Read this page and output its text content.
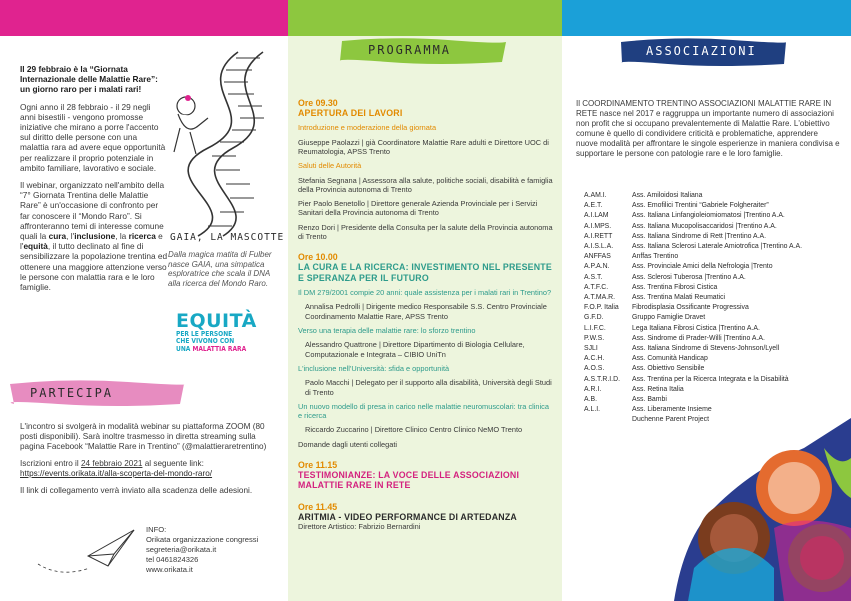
Il 29 febbraio è la “Giornata Internazionale delle Malattie Rare”: un giorno raro per i malati rari!

Ogni anno il 28 febbraio - il 29 negli anni bisestili - vengono promosse iniziative che mirano a porre l'accento sul diritto delle persone con una malattia rara ad avere eque opportunità per realizzare il proprio potenziale in ambito familiare, lavorativo e sociale.

Il webinar, organizzato nell'ambito della “7° Giornata Trentina delle Malattie Rare” è un'occasione di confronto per far conoscere il “Mondo Raro”. Si affronteranno temi di interesse comune quali la cura, l'inclusione, la ricerca e l'equità, il tutto declinato al fine di sensibilizzare la popolazione trentina ed ottenere una maggiore attenzione verso le persone con malattia rara e le loro famiglie.

GAIA, LA MASCOTTE
Dalla magica matita di Fulber nasce GAIA, una simpatica esploratrice che scala il DNA alla ricerca del Mondo Raro.
EQUITÀ
PER LE PERSONE
CHE VIVONO CON
UNA MALATTIA RARA
PARTECIPA

L'incontro si svolgerà in modalità webinar su piattaforma ZOOM (80 posti disponibili). Sarà inoltre trasmesso in diretta streaming sulla pagina Facebook “Malattie Rare in Trentino” (@malattieraretrentino)

Iscrizioni entro il 24 febbraio 2021 al seguente link:
https://events.orikata.it/alla-scoperta-del-mondo-raro/

Il link di collegamento verrà inviato alla scadenza delle adesioni.

INFO:
Orikata organizzazione congressi
segreteria@orikata.it
tel 0461824326
www.orikata.it
PROGRAMMA
Ore 09.30
APERTURA DEI LAVORI
Introduzione e moderazione della giornata
Giuseppe Paolazzi | già Coordinatore Malattie Rare adulti e Direttore UOC di Reumatologia, APSS Trento
Saluti delle Autorità
Stefania Segnana | Assessora alla salute, politiche sociali, disabilità e famiglia della Provincia autonoma di Trento
Pier Paolo Benetollo | Direttore generale Azienda Provinciale per i Servizi Sanitari della Provincia autonoma di Trento
Renzo Dori | Presidente della Consulta per la salute della Provincia autonoma di Trento
Ore 10.00
LA CURA E LA RICERCA: INVESTIMENTO NEL PRESENTE E SPERANZA PER IL FUTURO
Il DM 279/2001 compie 20 anni: quale assistenza per i malati rari in Trentino?
Annalisa Pedrolli | Dirigente medico Responsabile S.S. Centro Provinciale Coordinamento Malattie Rare, APSS Trento
Verso una terapia delle malattie rare: lo sforzo trentino
Alessandro Quattrone | Direttore Dipartimento di Biologia Cellulare, Computazionale e Integrata – CIBIO UniTn
L'inclusione nell'Università: sfida e opportunità
Paolo Macchi | Delegato per il supporto alla disabilità, Università degli Studi di Trento
Un nuovo modello di presa in carico nelle malattie neuromuscolari: tra clinica e ricerca
Riccardo Zuccarino | Direttore Clinico Centro Clinico NeMO Trento
Domande dagli utenti collegati
Ore 11.15
TESTIMONIANZE: LA VOCE DELLE ASSOCIAZIONI MALATTIE RARE IN RETE
Ore 11.45
ARITMIA - VIDEO PERFORMANCE DI ARTEDANZA
Direttore Artistico: Fabrizio Bernardini
ASSOCIAZIONI
Il COORDINAMENTO TRENTINO ASSOCIAZIONI MALATTIE RARE IN RETE nasce nel 2017 e raggruppa un importante numero di associazioni non profit che si occupano prevalentemente di Malattie Rare. L'obiettivo comune è quello di condividere criticità e problematiche, apprendere nuove modalità per affrontare le singole esperienze in maniera condivisa e supportare le persone con patologie rare e le loro famiglie.
A.AM.I.	Ass. Amiloidosi Italiana
A.E.T.	Ass. Emofilici Trentini “Gabriele Folgheraiter”
A.I.LAM	Ass. Italiana Linfangioleiomiomatosi |Trentino A.A.
A.I.MPS.	Ass. Italiana Mucopolisaccaridosi |Trentino A.A.
A.I.RETT	Ass. Italiana Sindrome di Rett |Trentino A.A.
A.I.S.L.A.	Ass. Italiana Sclerosi Laterale Amiotrofica |Trentino A.A.
ANFFAS	Anffas Trentino
A.P.A.N.	Ass. Provinciale Amici della Nefrologia |Trento
A.S.T.	Ass. Sclerosi Tuberosa |Trentino A.A.
A.T.F.C.	Ass. Trentina Fibrosi Cistica
A.T.MA.R.	Ass. Trentina Malati Reumatici
F.O.P. Italia	Fibrodisplasia Ossificante Progressiva
G.F.D.	Gruppo Famiglie Dravet
L.I.F.C.	Lega Italiana Fibrosi Cistica |Trentino A.A.
P.W.S.	Ass. Sindrome di Prader-Willi |Trentino A.A.
SJLI	Ass. Italiana Sindrome di Stevens-Johnson/Lyell
A.C.H.	Ass. Comunità Handicap
A.O.S.	Ass. Obiettivo Sensibile
A.S.T.R.I.D.	Ass. Trentina per la Ricerca Integrata e la Disabilità
A.R.I.	Ass. Retina Italia
A.B.	Ass. Bambi
A.L.I.	Ass. Liberamente Insieme
Duchenne Parent Project
